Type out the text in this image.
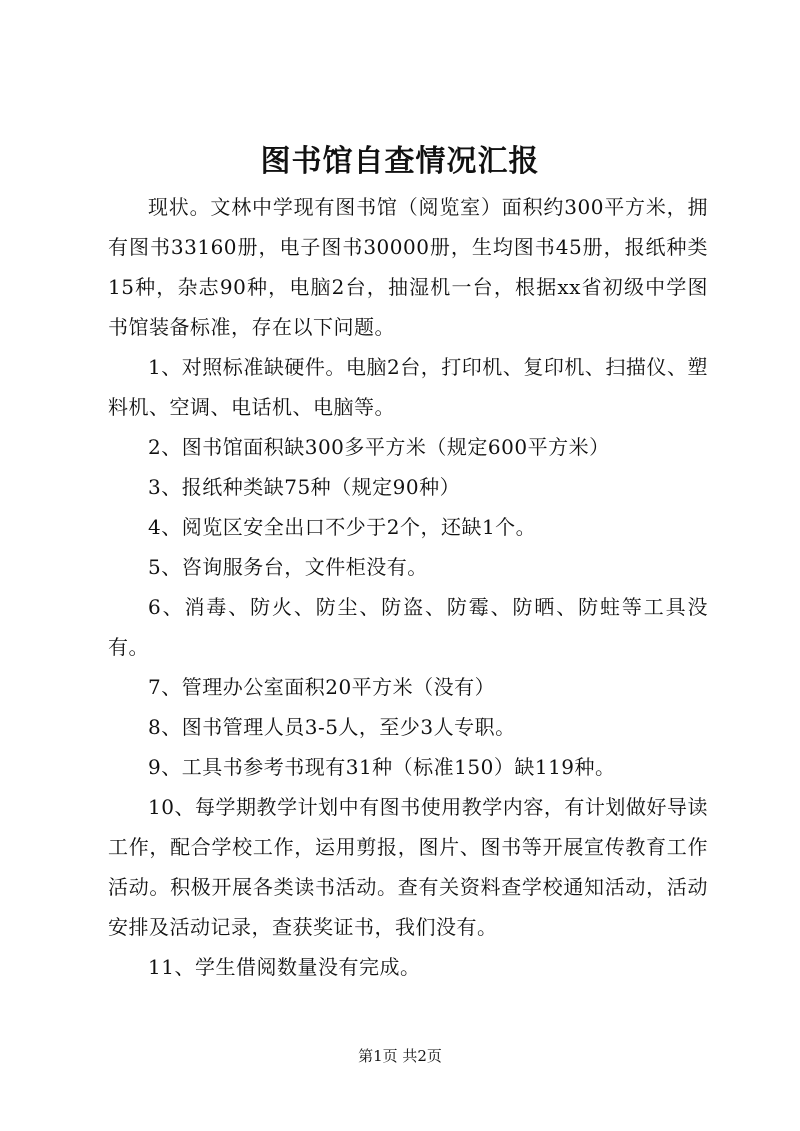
图书馆自查情况汇报

现状。文林中学现有图书馆（阅览室）面积约300平方米，拥有图书33160册，电子图书30000册，生均图书45册，报纸种类15种，杂志90种，电脑2台，抽湿机一台，根据xx省初级中学图书馆装备标准，存在以下问题。

1、对照标准缺硬件。电脑2台，打印机、复印机、扫描仪、塑料机、空调、电话机、电脑等。

2、图书馆面积缺300多平方米（规定600平方米）

3、报纸种类缺75种（规定90种）

4、阅览区安全出口不少于2个，还缺1个。

5、咨询服务台，文件柜没有。

6、消毒、防火、防尘、防盗、防霉、防晒、防蛀等工具没有。

7、管理办公室面积20平方米（没有）

8、图书管理人员3-5人，至少3人专职。

9、工具书参考书现有31种（标准150）缺119种。

10、每学期教学计划中有图书使用教学内容，有计划做好导读工作，配合学校工作，运用剪报，图片、图书等开展宣传教育工作活动。积极开展各类读书活动。查有关资料查学校通知活动，活动安排及活动记录，查获奖证书，我们没有。

11、学生借阅数量没有完成。

第1页 共2页
